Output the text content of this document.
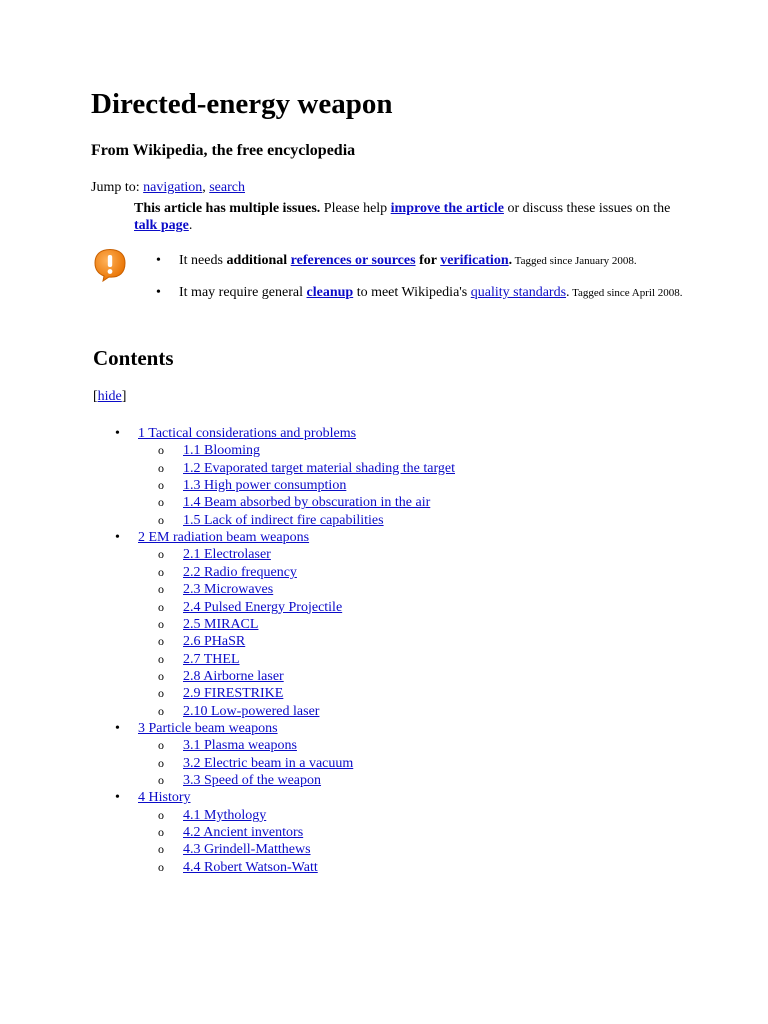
Directed-energy weapon
From Wikipedia, the free encyclopedia
Jump to: navigation, search
This article has multiple issues. Please help improve the article or discuss these issues on the talk page.
• It needs additional references or sources for verification. Tagged since January 2008.
• It may require general cleanup to meet Wikipedia's quality standards. Tagged since April 2008.
Contents
[hide]
• 1 Tactical considerations and problems
o 1.1 Blooming
o 1.2 Evaporated target material shading the target
o 1.3 High power consumption
o 1.4 Beam absorbed by obscuration in the air
o 1.5 Lack of indirect fire capabilities
• 2 EM radiation beam weapons
o 2.1 Electrolaser
o 2.2 Radio frequency
o 2.3 Microwaves
o 2.4 Pulsed Energy Projectile
o 2.5 MIRACL
o 2.6 PHaSR
o 2.7 THEL
o 2.8 Airborne laser
o 2.9 FIRESTRIKE
o 2.10 Low-powered laser
• 3 Particle beam weapons
o 3.1 Plasma weapons
o 3.2 Electric beam in a vacuum
o 3.3 Speed of the weapon
• 4 History
o 4.1 Mythology
o 4.2 Ancient inventors
o 4.3 Grindell-Matthews
o 4.4 Robert Watson-Watt
